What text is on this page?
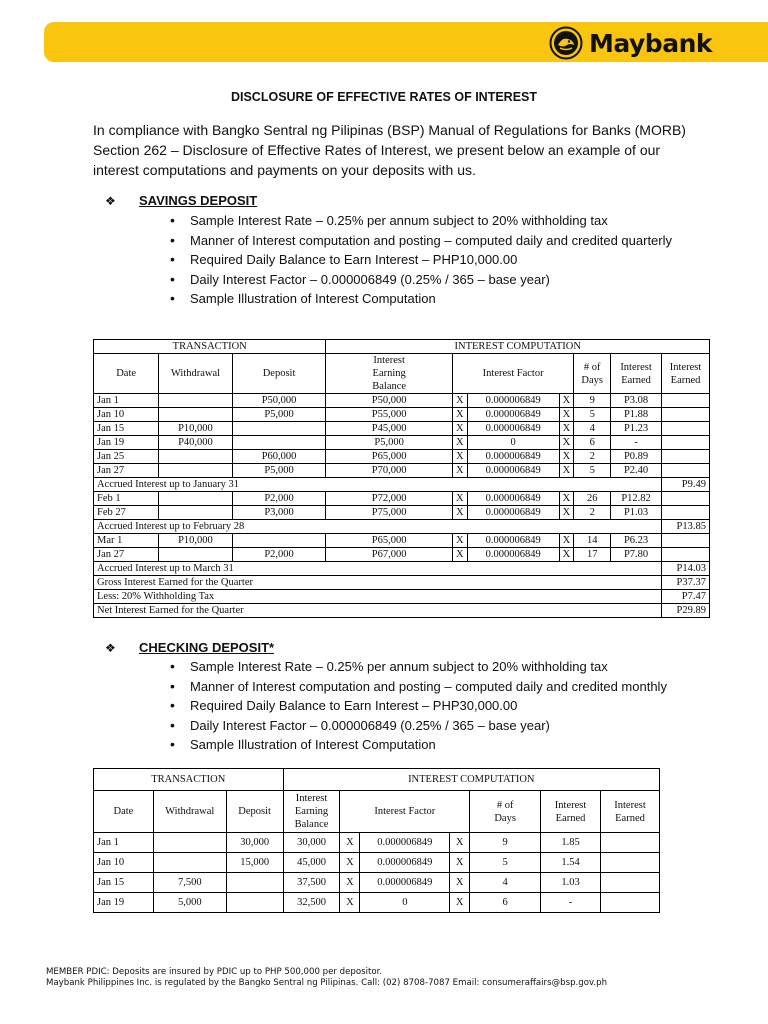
Maybank
DISCLOSURE OF EFFECTIVE RATES OF INTEREST
In compliance with Bangko Sentral ng Pilipinas (BSP) Manual of Regulations for Banks (MORB) Section 262 – Disclosure of Effective Rates of Interest, we present below an example of our interest computations and payments on your deposits with us.
❖	SAVINGS DEPOSIT
• Sample Interest Rate – 0.25% per annum subject to 20% withholding tax
• Manner of Interest computation and posting – computed daily and credited quarterly
• Required Daily Balance to Earn Interest – PHP10,000.00
• Daily Interest Factor – 0.000006849 (0.25% / 365 – base year)
• Sample Illustration of Interest Computation
TRANSACTION			INTEREST COMPUTATION						
Date	Withdrawal	Deposit	Interest Earning Balance	Interest Factor			# of Days	Interest Earned	Interest Earned
Jan 1		P50,000	P50,000	X	0.000006849	X	9	P3.08	
Jan 10		P5,000	P55,000	X	0.000006849	X	5	P1.88	
Jan 15	P10,000		P45,000	X	0.000006849	X	4	P1.23	
Jan 19	P40,000		P5,000	X	0	X	6	-	
Jan 25		P60,000	P65,000	X	0.000006849	X	2	P0.89	
Jan 27		P5,000	P70,000	X	0.000006849	X	5	P2.40	
Accrued Interest up to January 31									P9.49
Feb 1		P2,000	P72,000	X	0.000006849	X	26	P12.82	
Feb 27		P3,000	P75,000	X	0.000006849	X	2	P1.03	
Accrued Interest up to February 28									P13.85
Mar 1	P10,000		P65,000	X	0.000006849	X	14	P6.23	
Jan 27		P2,000	P67,000	X	0.000006849	X	17	P7.80	
Accrued Interest up to March 31									P14.03
Gross Interest Earned for the Quarter									P37.37
Less: 20% Withholding Tax									P7.47
Net Interest Earned for the Quarter									P29.89
❖	CHECKING DEPOSIT*
• Sample Interest Rate – 0.25% per annum subject to 20% withholding tax
• Manner of Interest computation and posting – computed daily and credited monthly
• Required Daily Balance to Earn Interest – PHP30,000.00
• Daily Interest Factor – 0.000006849 (0.25% / 365 – base year)
• Sample Illustration of Interest Computation
TRANSACTION			INTEREST COMPUTATION						
Date	Withdrawal	Deposit	Interest Earning Balance	Interest Factor			# of Days	Interest Earned	Interest Earned
Jan 1		30,000	30,000	X	0.000006849	X	9	1.85	
Jan 10		15,000	45,000	X	0.000006849	X	5	1.54	
Jan 15	7,500		37,500	X	0.000006849	X	4	1.03	
Jan 19	5,000		32,500	X	0	X	6	-	
MEMBER PDIC: Deposits are insured by PDIC up to PHP 500,000 per depositor.
Maybank Philippines Inc. is regulated by the Bangko Sentral ng Pilipinas. Call: (02) 8708-7087 Email: consumeraffairs@bsp.gov.ph
